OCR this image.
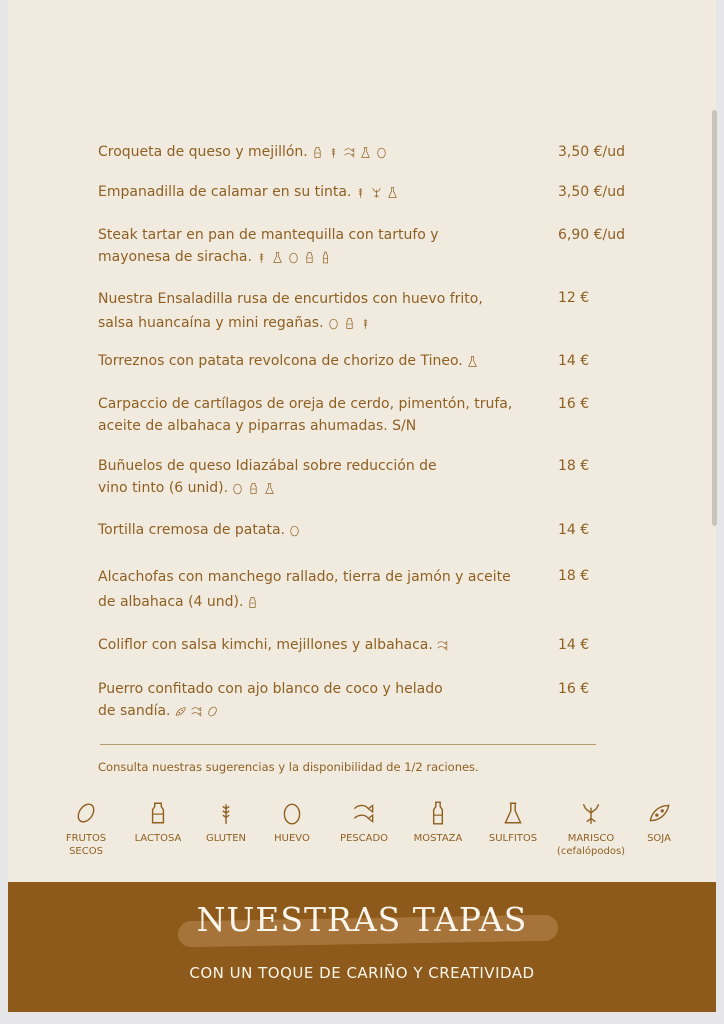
Croqueta de queso y mejillón.	3,50 €/ud
Empanadilla de calamar en su tinta.	3,50 €/ud
Steak tartar en pan de mantequilla con tartufo y
mayonesa de siracha.
6,90 €/ud
Nuestra Ensaladilla rusa de encurtidos con huevo frito,
salsa huancaína y mini regañas.
12 €
Torreznos con patata revolcona de chorizo de Tineo.	14 €
Carpaccio de cartílagos de oreja de cerdo, pimentón, trufa,
aceite de albahaca y piparras ahumadas. S/N
16 €
Buñuelos de queso Idiazábal sobre reducción de
vino tinto (6 unid).
18 €
Tortilla cremosa de patata.	14 €
Alcachofas con manchego rallado, tierra de jamón y aceite
de albahaca (4 und).
18 €
Coliflor con salsa kimchi, mejillones y albahaca.	14 €
Puerro confitado con ajo blanco de coco y helado
de sandía.
16 €
Consulta nuestras sugerencias y la disponibilidad de 1/2 raciones.
FRUTOS
SECOS
LACTOSA	GLUTEN	HUEVO	PESCADO	MOSTAZA	SULFITOS	MARISCO
(cefalópodos)
SOJA
NUESTRAS TAPAS
CON UN TOQUE DE CARIÑO Y CREATIVIDAD
